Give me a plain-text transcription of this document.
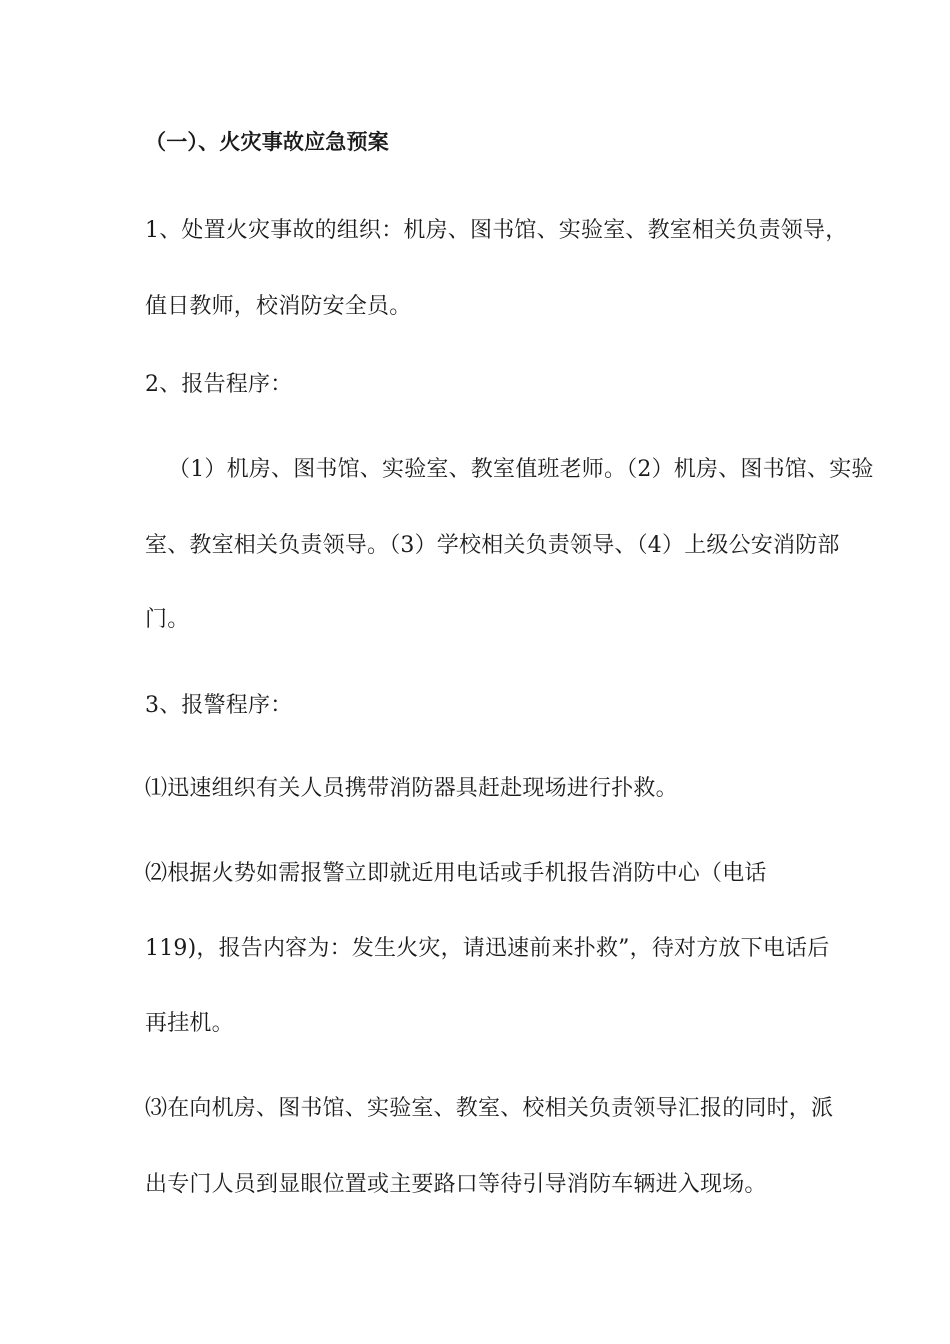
（一）、火灾事故应急预案
1、处置火灾事故的组织：机房、图书馆、实验室、教室相关负责领导，
值日教师，校消防安全员。
2、报告程序：
（1）机房、图书馆、实验室、教室值班老师。（2）机房、图书馆、实验
室、教室相关负责领导。（3）学校相关负责领导、（4）上级公安消防部
门。
3、报警程序：
⑴迅速组织有关人员携带消防器具赶赴现场进行扑救。
⑵根据火势如需报警立即就近用电话或手机报告消防中心（电话
119)，报告内容为：发生火灾，请迅速前来扑救”，待对方放下电话后
再挂机。
⑶在向机房、图书馆、实验室、教室、校相关负责领导汇报的同时，派
出专门人员到显眼位置或主要路口等待引导消防车辆进入现场。
